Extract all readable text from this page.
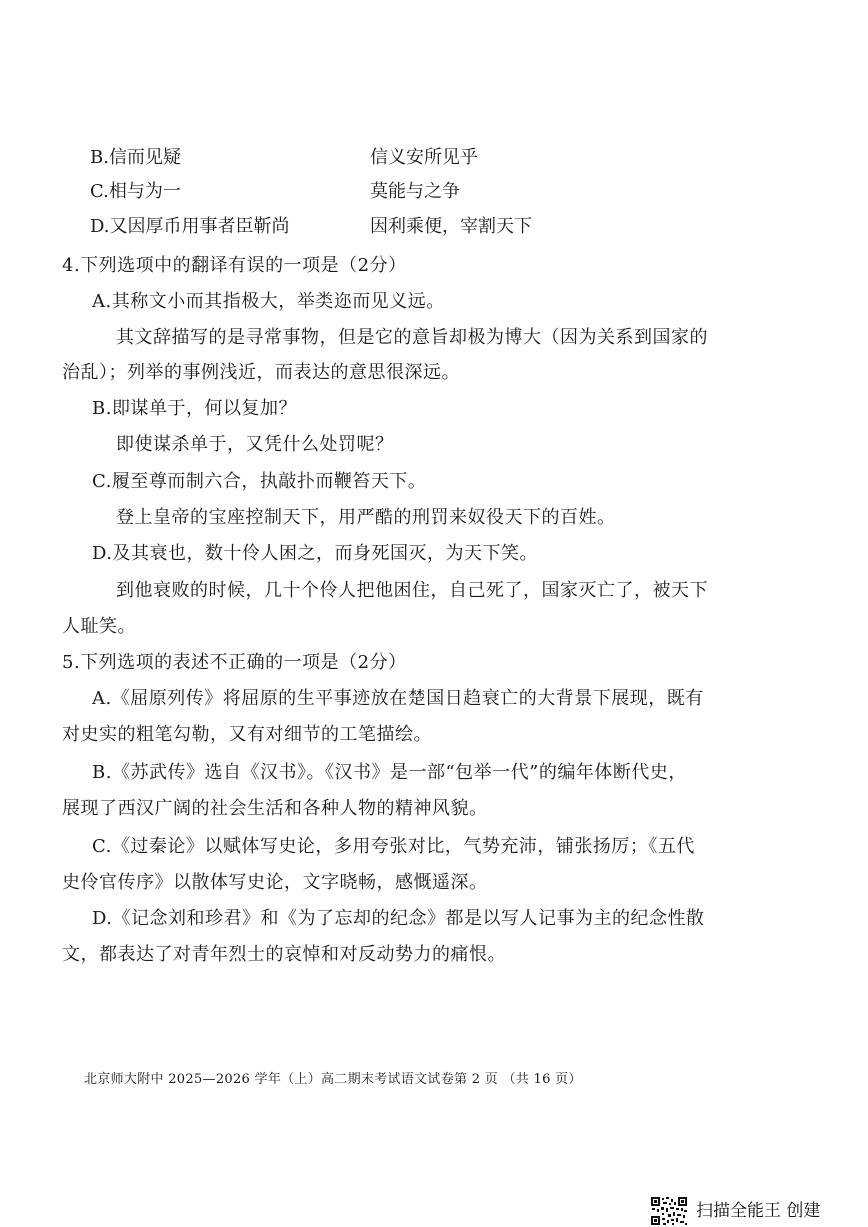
B.信而见疑	信义安所见乎
C.相与为一	莫能与之争
D.又因厚币用事者臣靳尚	因利乘便，宰割天下
4.下列选项中的翻译有误的一项是（2分）
A.其称文小而其指极大，举类迩而见义远。
其文辞描写的是寻常事物，但是它的意旨却极为博大（因为关系到国家的
治乱）；列举的事例浅近，而表达的意思很深远。
B.即谋单于，何以复加？
即使谋杀单于，又凭什么处罚呢？
C.履至尊而制六合，执敲扑而鞭笞天下。
登上皇帝的宝座控制天下，用严酷的刑罚来奴役天下的百姓。
D.及其衰也，数十伶人困之，而身死国灭，为天下笑。
到他衰败的时候，几十个伶人把他困住，自己死了，国家灭亡了，被天下
人耻笑。
5.下列选项的表述不正确的一项是（2分）
A.《屈原列传》将屈原的生平事迹放在楚国日趋衰亡的大背景下展现，既有
对史实的粗笔勾勒，又有对细节的工笔描绘。
B.《苏武传》选自《汉书》。《汉书》是一部“包举一代”的编年体断代史，
展现了西汉广阔的社会生活和各种人物的精神风貌。
C.《过秦论》以赋体写史论，多用夸张对比，气势充沛，铺张扬厉；《五代
史伶官传序》以散体写史论，文字晓畅，感慨遥深。
D.《记念刘和珍君》和《为了忘却的纪念》都是以写人记事为主的纪念性散
文，都表达了对青年烈士的哀悼和对反动势力的痛恨。
北京师大附中 2025—2026 学年（上）高二期末考试语文试卷第 2 页 （共 16 页）
扫描全能王 创建
